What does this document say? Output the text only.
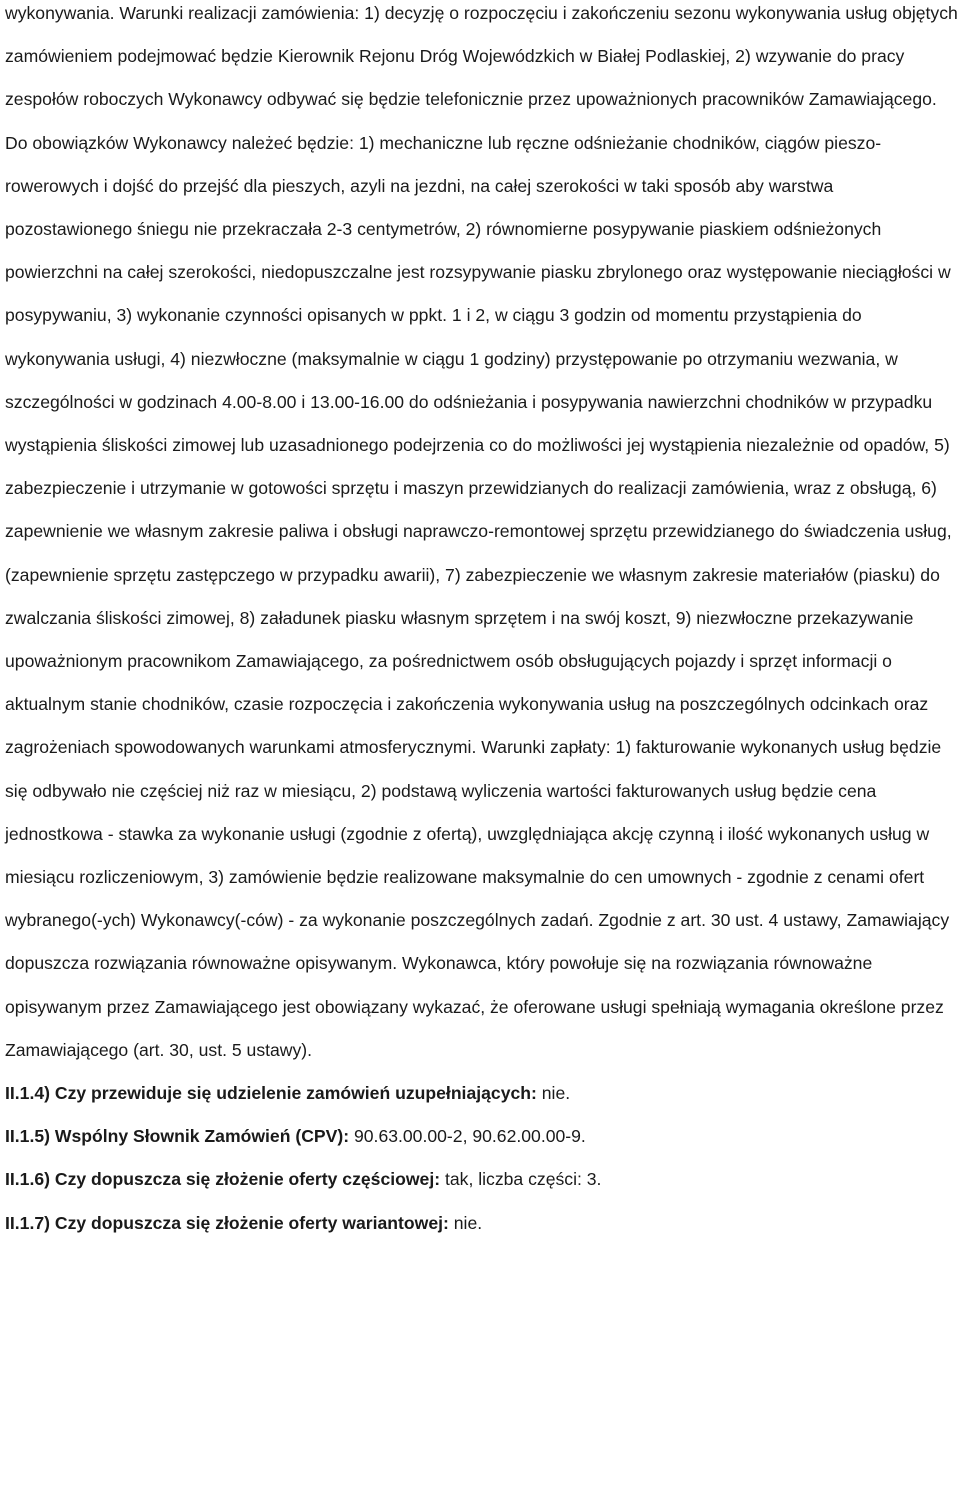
wykonywania. Warunki realizacji zamówienia: 1) decyzję o rozpoczęciu i zakończeniu sezonu wykonywania usług objętych zamówieniem podejmować będzie Kierownik Rejonu Dróg Wojewódzkich w Białej Podlaskiej, 2) wzywanie do pracy zespołów roboczych Wykonawcy odbywać się będzie telefonicznie przez upoważnionych pracowników Zamawiającego. Do obowiązków Wykonawcy należeć będzie: 1) mechaniczne lub ręczne odśnieżanie chodników, ciągów pieszo-rowerowych i dojść do przejść dla pieszych, azyli na jezdni, na całej szerokości w taki sposób aby warstwa pozostawionego śniegu nie przekraczała 2-3 centymetrów, 2) równomierne posypywanie piaskiem odśnieżonych powierzchni na całej szerokości, niedopuszczalne jest rozsypywanie piasku zbrylonego oraz występowanie nieciągłości w posypywaniu, 3) wykonanie czynności opisanych w ppkt. 1 i 2, w ciągu 3 godzin od momentu przystąpienia do wykonywania usługi, 4) niezwłoczne (maksymalnie w ciągu 1 godziny) przystępowanie po otrzymaniu wezwania, w szczególności w godzinach 4.00-8.00 i 13.00-16.00 do odśnieżania i posypywania nawierzchni chodników w przypadku wystąpienia śliskości zimowej lub uzasadnionego podejrzenia co do możliwości jej wystąpienia niezależnie od opadów, 5) zabezpieczenie i utrzymanie w gotowości sprzętu i maszyn przewidzianych do realizacji zamówienia, wraz z obsługą, 6) zapewnienie we własnym zakresie paliwa i obsługi naprawczo-remontowej sprzętu przewidzianego do świadczenia usług, (zapewnienie sprzętu zastępczego w przypadku awarii), 7) zabezpieczenie we własnym zakresie materiałów (piasku) do zwalczania śliskości zimowej, 8) załadunek piasku własnym sprzętem i na swój koszt, 9) niezwłoczne przekazywanie upoważnionym pracownikom Zamawiającego, za pośrednictwem osób obsługujących pojazdy i sprzęt informacji o aktualnym stanie chodników, czasie rozpoczęcia i zakończenia wykonywania usług na poszczególnych odcinkach oraz zagrożeniach spowodowanych warunkami atmosferycznymi. Warunki zapłaty: 1) fakturowanie wykonanych usług będzie się odbywało nie częściej niż raz w miesiącu, 2) podstawą wyliczenia wartości fakturowanych usług będzie cena jednostkowa - stawka za wykonanie usługi (zgodnie z ofertą), uwzględniająca akcję czynną i ilość wykonanych usług w miesiącu rozliczeniowym, 3) zamówienie będzie realizowane maksymalnie do cen umownych - zgodnie z cenami ofert wybranego(-ych) Wykonawcy(-ców) - za wykonanie poszczególnych zadań. Zgodnie z art. 30 ust. 4 ustawy, Zamawiający dopuszcza rozwiązania równoważne opisywanym. Wykonawca, który powołuje się na rozwiązania równoważne opisywanym przez Zamawiającego jest obowiązany wykazać, że oferowane usługi spełniają wymagania określone przez Zamawiającego (art. 30, ust. 5 ustawy).

II.1.4) Czy przewiduje się udzielenie zamówień uzupełniających: nie.

II.1.5) Wspólny Słownik Zamówień (CPV): 90.63.00.00-2, 90.62.00.00-9.

II.1.6) Czy dopuszcza się złożenie oferty częściowej: tak, liczba części: 3.

II.1.7) Czy dopuszcza się złożenie oferty wariantowej: nie.
